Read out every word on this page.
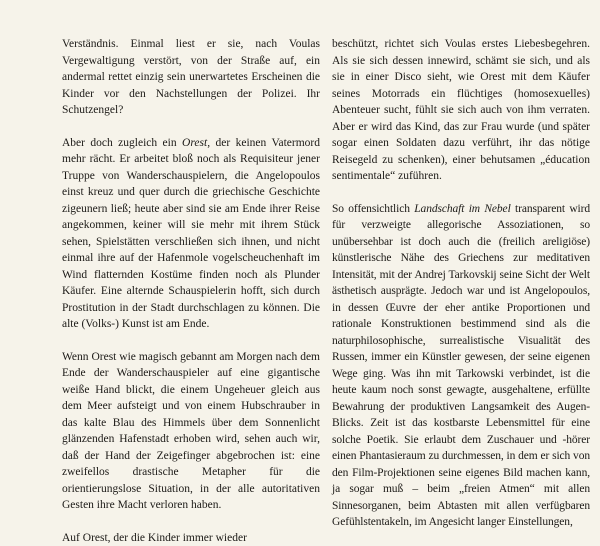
Verständnis. Einmal liest er sie, nach Voulas Vergewaltigung verstört, von der Straße auf, ein andermal rettet einzig sein unerwartetes Erscheinen die Kinder vor den Nachstellungen der Polizei. Ihr Schutzengel?

Aber doch zugleich ein Orest, der keinen Vatermord mehr rächt. Er arbeitet bloß noch als Requisiteur jener Truppe von Wanderschauspielern, die Angelopoulos einst kreuz und quer durch die griechische Geschichte zigeunern ließ; heute aber sind sie am Ende ihrer Reise angekommen, keiner will sie mehr mit ihrem Stück sehen, Spielstätten verschließen sich ihnen, und nicht einmal ihre auf der Hafenmole vogelscheuchenhaft im Wind flatternden Kostüme finden noch als Plunder Käufer. Eine alternde Schauspielerin hofft, sich durch Prostitution in der Stadt durchschlagen zu können. Die alte (Volks-) Kunst ist am Ende.

Wenn Orest wie magisch gebannt am Morgen nach dem Ende der Wanderschauspieler auf eine gigantische weiße Hand blickt, die einem Ungeheuer gleich aus dem Meer aufsteigt und von einem Hubschrauber in das kalte Blau des Himmels über dem Sonnenlicht glänzenden Hafenstadt erhoben wird, sehen auch wir, daß der Hand der Zeigefinger abgebrochen ist: eine zweifellos drastische Metapher für die orientierungslose Situation, in der alle autoritativen Gesten ihre Macht verloren haben.

Auf Orest, der die Kinder immer wieder

beschützt, richtet sich Voulas erstes Liebesbegehren. Als sie sich dessen innewird, schämt sie sich, und als sie in einer Disco sieht, wie Orest mit dem Käufer seines Motorrads ein flüchtiges (homosexuelles) Abenteuer sucht, fühlt sie sich auch von ihm verraten. Aber er wird das Kind, das zur Frau wurde (und später sogar einen Soldaten dazu verführt, ihr das nötige Reisegeld zu schenken), einer behutsamen „éducation sentimentale“ zuführen.

So offensichtlich Landschaft im Nebel transparent wird für verzweigte allegorische Assoziationen, so unübersehbar ist doch auch die (freilich areligiöse) künstlerische Nähe des Griechens zur meditativen Intensität, mit der Andrej Tarkovskij seine Sicht der Welt ästhetisch ausprägte. Jedoch war und ist Angelopoulos, in dessen Œuvre der eher antike Proportionen und rationale Konstruktionen bestimmend sind als die naturphilosophische, surrealistische Visualität des Russen, immer ein Künstler gewesen, der seine eigenen Wege ging. Was ihn mit Tarkowski verbindet, ist die heute kaum noch sonst gewagte, ausgehaltene, erfüllte Bewahrung der produktiven Langsamkeit des Augen-Blicks. Zeit ist das kostbarste Lebensmittel für eine solche Poetik. Sie erlaubt dem Zuschauer und -hörer einen Phantasieraum zu durchmessen, in dem er sich von den Film-Projektionen seine eigenes Bild machen kann, ja sogar muß – beim „freien Atmen“ mit allen Sinnesorganen, beim Abtasten mit allen verfügbaren Gefühlstentakeln, im Angesicht langer Einstellungen,
